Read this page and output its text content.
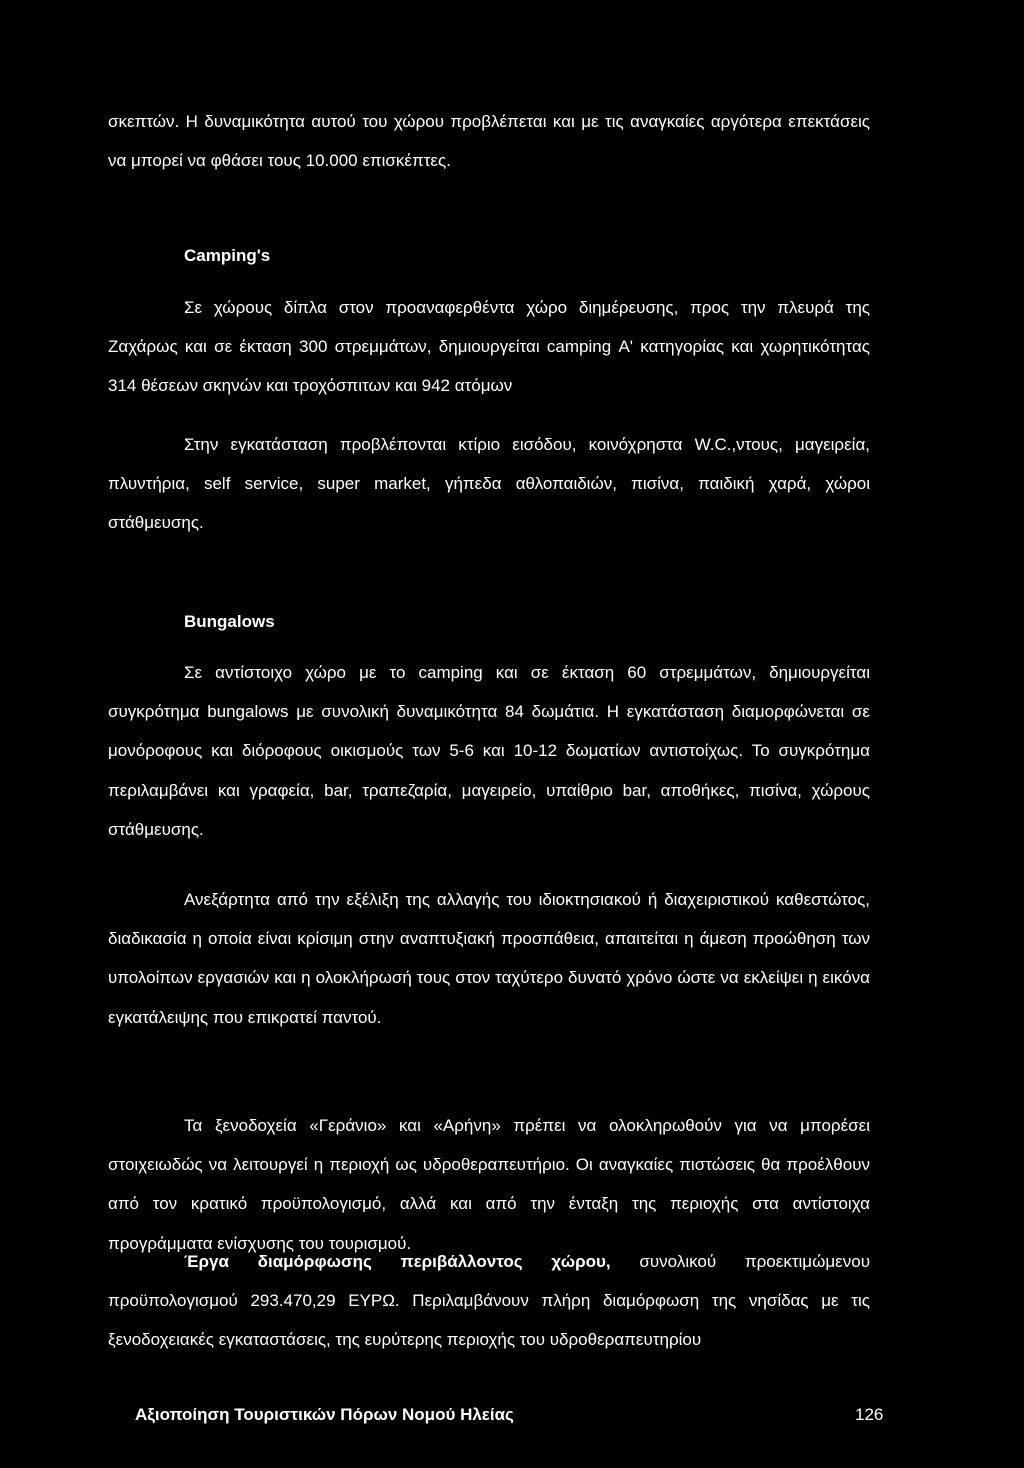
σκεπτών. Η δυναμικότητα αυτού του χώρου προβλέπεται και με τις αναγκαίες αργότερα επεκτάσεις να μπορεί να φθάσει τους 10.000 επισκέπτες.

Camping's

Σε χώρους δίπλα στον προαναφερθέντα χώρο διημέρευσης, προς την πλευρά της Ζαχάρως και σε έκταση 300 στρεμμάτων, δημιουργείται camping Α' κατηγορίας και χωρητικότητας 314 θέσεων σκηνών και τροχόσπιτων και 942 ατόμων

Στην εγκατάσταση προβλέπονται κτίριο εισόδου, κοινόχρηστα W.C.,ντους, μαγειρεία, πλυντήρια, self service, super market, γήπεδα αθλοπαιδιών, πισίνα, παιδική χαρά, χώροι στάθμευσης.

Bungalows

Σε αντίστοιχο χώρο με το camping και σε έκταση 60 στρεμμάτων, δημιουργείται συγκρότημα bungalows με συνολική δυναμικότητα 84 δωμάτια. Η εγκατάσταση διαμορφώνεται σε μονόροφους και διόροφους οικισμούς των 5-6 και 10-12 δωματίων αντιστοίχως. Το συγκρότημα περιλαμβάνει και γραφεία, bar, τραπεζαρία, μαγειρείο, υπαίθριο bar, αποθήκες, πισίνα, χώρους στάθμευσης.

Ανεξάρτητα από την εξέλιξη της αλλαγής του ιδιοκτησιακού ή διαχειριστικού καθεστώτος, διαδικασία η οποία είναι κρίσιμη στην αναπτυξιακή προσπάθεια, απαιτείται η άμεση προώθηση των υπολοίπων εργασιών και η ολοκλήρωσή τους στον ταχύτερο δυνατό χρόνο ώστε να εκλείψει η εικόνα εγκατάλειψης που επικρατεί παντού.

Τα ξενοδοχεία «Γεράνιο» και «Αρήνη» πρέπει να ολοκληρωθούν για να μπορέσει στοιχειωδώς να λειτουργεί η περιοχή ως υδροθεραπευτήριο. Οι αναγκαίες πιστώσεις θα προέλθουν από τον κρατικό προϋπολογισμό, αλλά και από την ένταξη της περιοχής στα αντίστοιχα προγράμματα ενίσχυσης του τουρισμού.

Έργα διαμόρφωσης περιβάλλοντος χώρου, συνολικού προεκτιμώμενου προϋπολογισμού 293.470,29 ΕΥΡΩ. Περιλαμβάνουν πλήρη διαμόρφωση της νησίδας με τις ξενοδοχειακές εγκαταστάσεις, της ευρύτερης περιοχής του υδροθεραπευτηρίου

Αξιοποίηση Τουριστικών Πόρων Νομού Ηλείας	126
